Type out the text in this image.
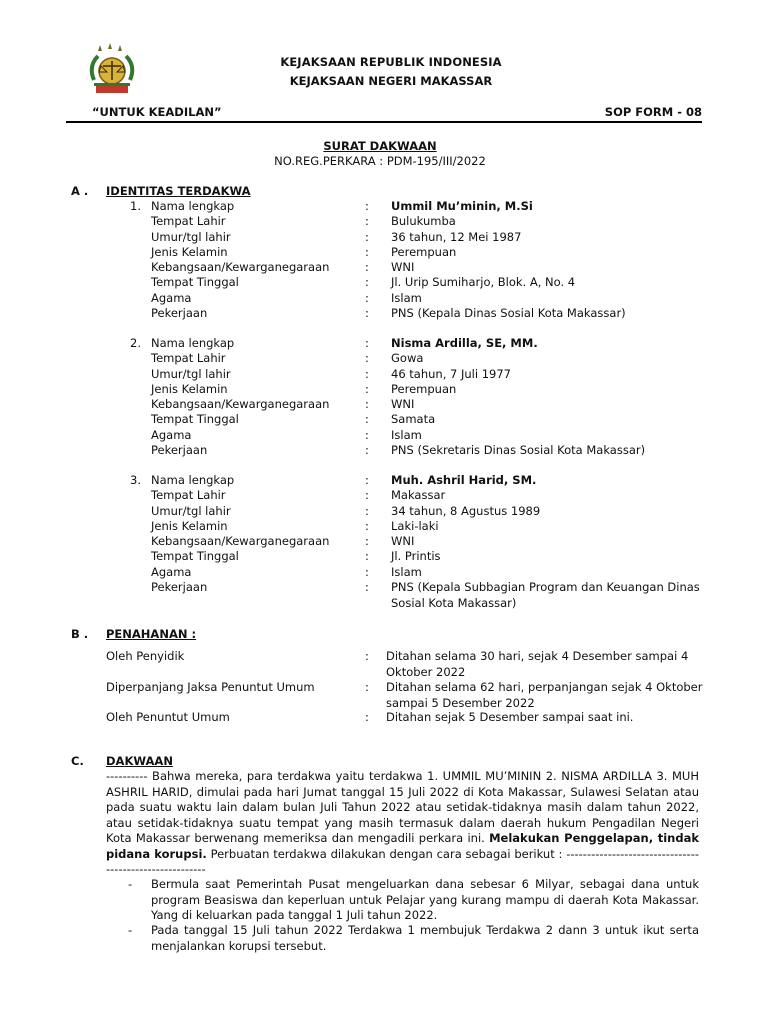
KEJAKSAAN REPUBLIK INDONESIA
KEJAKSAAN NEGERI MAKASSAR
“UNTUK KEADILAN”	SOP FORM - 08
SURAT DAKWAAN
NO.REG.PERKARA : PDM-195/III/2022
A . IDENTITAS TERDAKWA
1. Nama lengkap	: Ummil Mu’minin, M.Si
Tempat Lahir	: Bulukumba
Umur/tgl lahir	: 36 tahun, 12 Mei 1987
Jenis Kelamin	: Perempuan
Kebangsaan/Kewarganegaraan	: WNI
Tempat Tinggal	: Jl. Urip Sumiharjo, Blok. A, No. 4
Agama	: Islam
Pekerjaan	: PNS (Kepala Dinas Sosial Kota Makassar)
2. Nama lengkap	: Nisma Ardilla, SE, MM.
Tempat Lahir	: Gowa
Umur/tgl lahir	: 46 tahun, 7 Juli 1977
Jenis Kelamin	: Perempuan
Kebangsaan/Kewarganegaraan	: WNI
Tempat Tinggal	: Samata
Agama	: Islam
Pekerjaan	: PNS (Sekretaris Dinas Sosial Kota Makassar)
3. Nama lengkap	: Muh. Ashril Harid, SM.
Tempat Lahir	: Makassar
Umur/tgl lahir	: 34 tahun, 8 Agustus 1989
Jenis Kelamin	: Laki-laki
Kebangsaan/Kewarganegaraan	: WNI
Tempat Tinggal	: Jl. Printis
Agama	: Islam
Pekerjaan	: PNS (Kepala Subbagian Program dan Keuangan Dinas Sosial Kota Makassar)
B . PENAHANAN :
Oleh Penyidik	: Ditahan selama 30 hari, sejak 4 Desember sampai 4 Oktober 2022
Diperpanjang Jaksa Penuntut Umum	: Ditahan selama 62 hari, perpanjangan sejak 4 Oktober sampai 5 Desember 2022
Oleh Penuntut Umum	: Ditahan sejak 5 Desember sampai saat ini.
C. DAKWAAN
---------- Bahwa mereka, para terdakwa yaitu terdakwa 1. UMMIL MU’MININ 2. NISMA ARDILLA 3. MUH ASHRIL HARID, dimulai pada hari Jumat tanggal 15 Juli 2022 di Kota Makassar, Sulawesi Selatan atau pada suatu waktu lain dalam bulan Juli Tahun 2022 atau setidak-tidaknya masih dalam tahun 2022, atau setidak-tidaknya suatu tempat yang masih termasuk dalam daerah hukum Pengadilan Negeri Kota Makassar berwenang memeriksa dan mengadili perkara ini. Melakukan Penggelapan, tindak pidana korupsi. Perbuatan terdakwa dilakukan dengan cara sebagai berikut : --------------------------------------------------------
- Bermula saat Pemerintah Pusat mengeluarkan dana sebesar 6 Milyar, sebagai dana untuk program Beasiswa dan keperluan untuk Pelajar yang kurang mampu di daerah Kota Makassar. Yang di keluarkan pada tanggal 1 Juli tahun 2022.
- Pada tanggal 15 Juli tahun 2022 Terdakwa 1 membujuk Terdakwa 2 dann 3 untuk ikut serta menjalankan korupsi tersebut.
